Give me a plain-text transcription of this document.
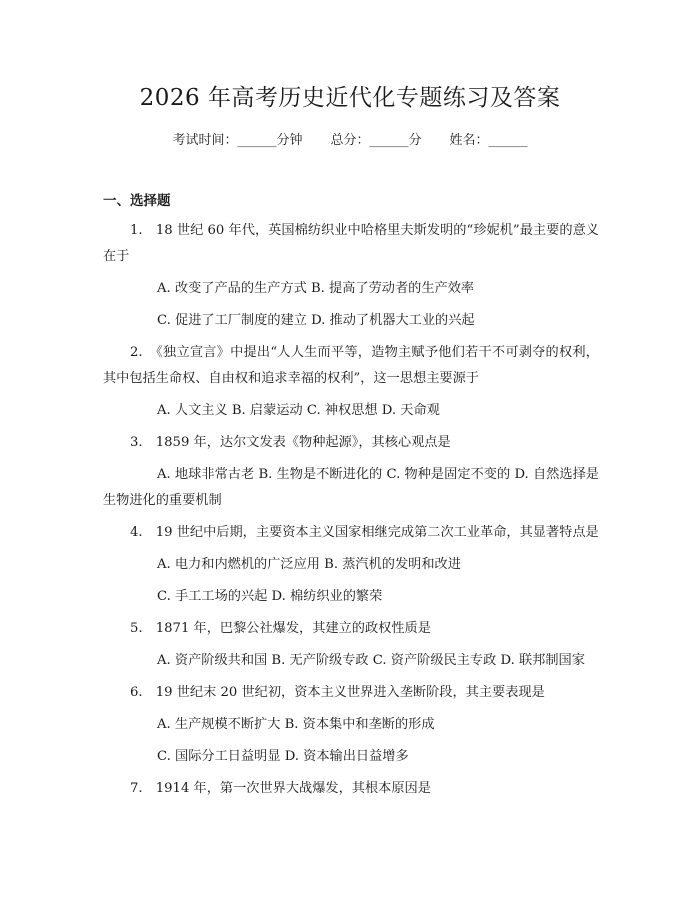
2026 年高考历史近代化专题练习及答案
考试时间：______分钟 总分：______分 姓名：______
一、选择题

1.　18 世纪 60 年代，英国棉纺织业中哈格里夫斯发明的“珍妮机”最主要的意义在于

A. 改变了产品的生产方式 B. 提高了劳动者的生产效率

C. 促进了工厂制度的建立 D. 推动了机器大工业的兴起

2.　《独立宣言》中提出“人人生而平等，造物主赋予他们若干不可剥夺的权利，其中包括生命权、自由权和追求幸福的权利”，这一思想主要源于

A. 人文主义 B. 启蒙运动 C. 神权思想 D. 天命观

3.　1859 年，达尔文发表《物种起源》，其核心观点是

A. 地球非常古老 B. 生物是不断进化的 C. 物种是固定不变的 D. 自然选择是生物进化的重要机制

4.　19 世纪中后期，主要资本主义国家相继完成第二次工业革命，其显著特点是

A. 电力和内燃机的广泛应用 B. 蒸汽机的发明和改进

C. 手工工场的兴起 D. 棉纺织业的繁荣

5.　1871 年，巴黎公社爆发，其建立的政权性质是

A. 资产阶级共和国 B. 无产阶级专政 C. 资产阶级民主专政 D. 联邦制国家

6.　19 世纪末 20 世纪初，资本主义世界进入垄断阶段，其主要表现是

A. 生产规模不断扩大 B. 资本集中和垄断的形成

C. 国际分工日益明显 D. 资本输出日益增多

7.　1914 年，第一次世界大战爆发，其根本原因是
